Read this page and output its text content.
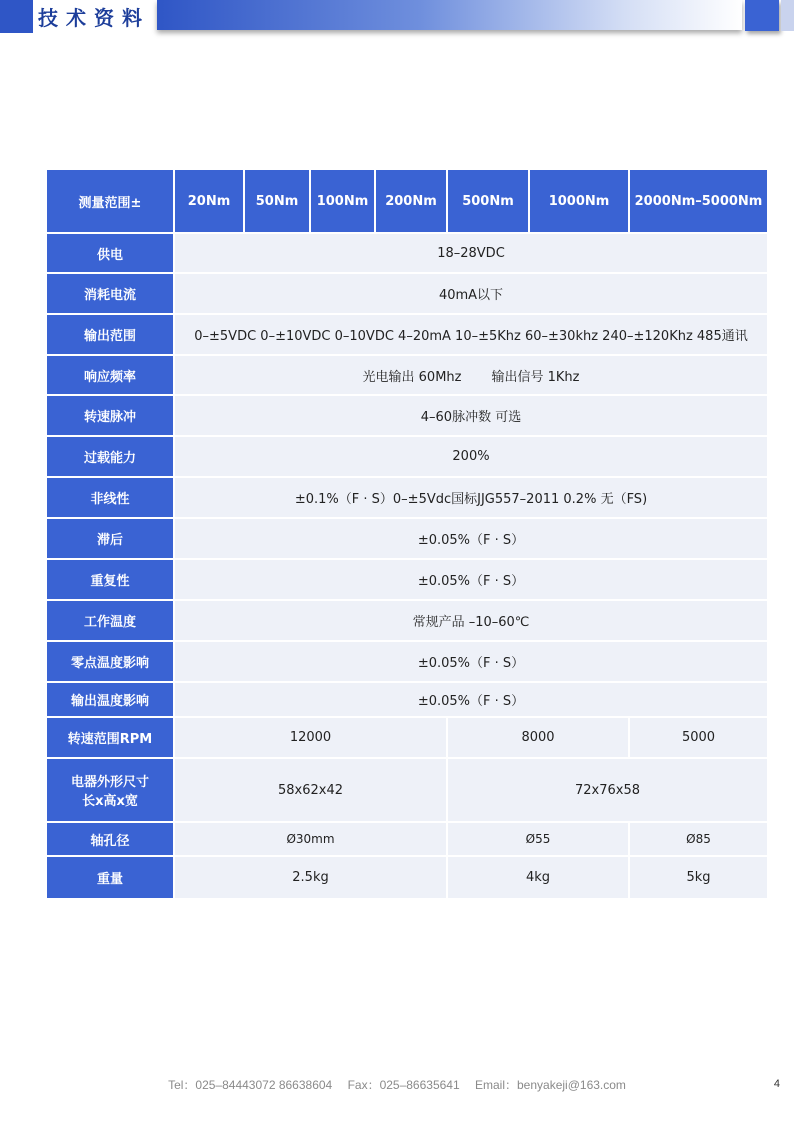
技术资料
测量范围±	20Nm	50Nm	100Nm	200Nm	500Nm	1000Nm	2000Nm–5000Nm
供电	18–28VDC						
消耗电流	40mA以下						
输出范围	0–±5VDC 0–±10VDC 0–10VDC 4–20mA 10–±5Khz 60–±30khz 240–±120Khz 485通讯						
响应频率	光电输出 60Mhz 输出信号 1Khz						
转速脉冲	4–60脉冲数 可选						
过载能力	200%						
非线性	±0.1%（F · S）0–±5Vdc国标JJG557–2011 0.2% 无（FS)						
滞后	±0.05%（F · S）						
重复性	±0.05%（F · S）						
工作温度	常规产品 –10–60℃						
零点温度影响	±0.05%（F · S）						
输出温度影响	±0.05%（F · S）						
转速范围RPM	12000				8000		5000

电器外形尺寸
长x高x宽	58x62x42				72x76x58		
轴孔径	Ø30mm				Ø55		Ø85
重量	2.5kg				4kg		5kg
Tel：025–84443072 86638604 Fax：025–86635641 Email：benyakeji@163.com	4
